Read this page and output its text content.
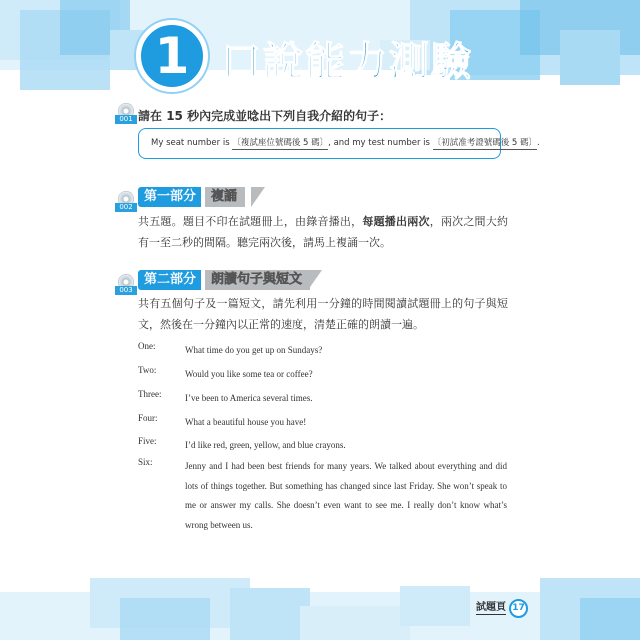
1 口說能力測驗
001 請在 15 秒內完成並唸出下列自我介紹的句子：
My seat number is 〔複試座位號碼後 5 碼〕, and my test number is 〔初試准考證號碼後 5 碼〕.
002
第一部分	複誦
共五題。題目不印在試題冊上，由錄音播出，每題播出兩次，兩次之間大約有一至二秒的間隔。聽完兩次後，請馬上複誦一次。
003
第二部分	朗讀句子與短文
共有五個句子及一篇短文，請先利用一分鐘的時間閱讀試題冊上的句子與短文，然後在一分鐘內以正常的速度，清楚正確的朗讀一遍。
One:	What time do you get up on Sundays?
Two:	Would you like some tea or coffee?
Three:	I’ve been to America several times.
Four:	What a beautiful house you have!
Five:	I’d like red, green, yellow, and blue crayons.
Six:	Jenny and I had been best friends for many years. We talked about everything and did lots of things together. But something has changed since last Friday. She won’t speak to me or answer my calls. She doesn’t even want to see me. I really don’t know what’s wrong between us.
試題頁 17
